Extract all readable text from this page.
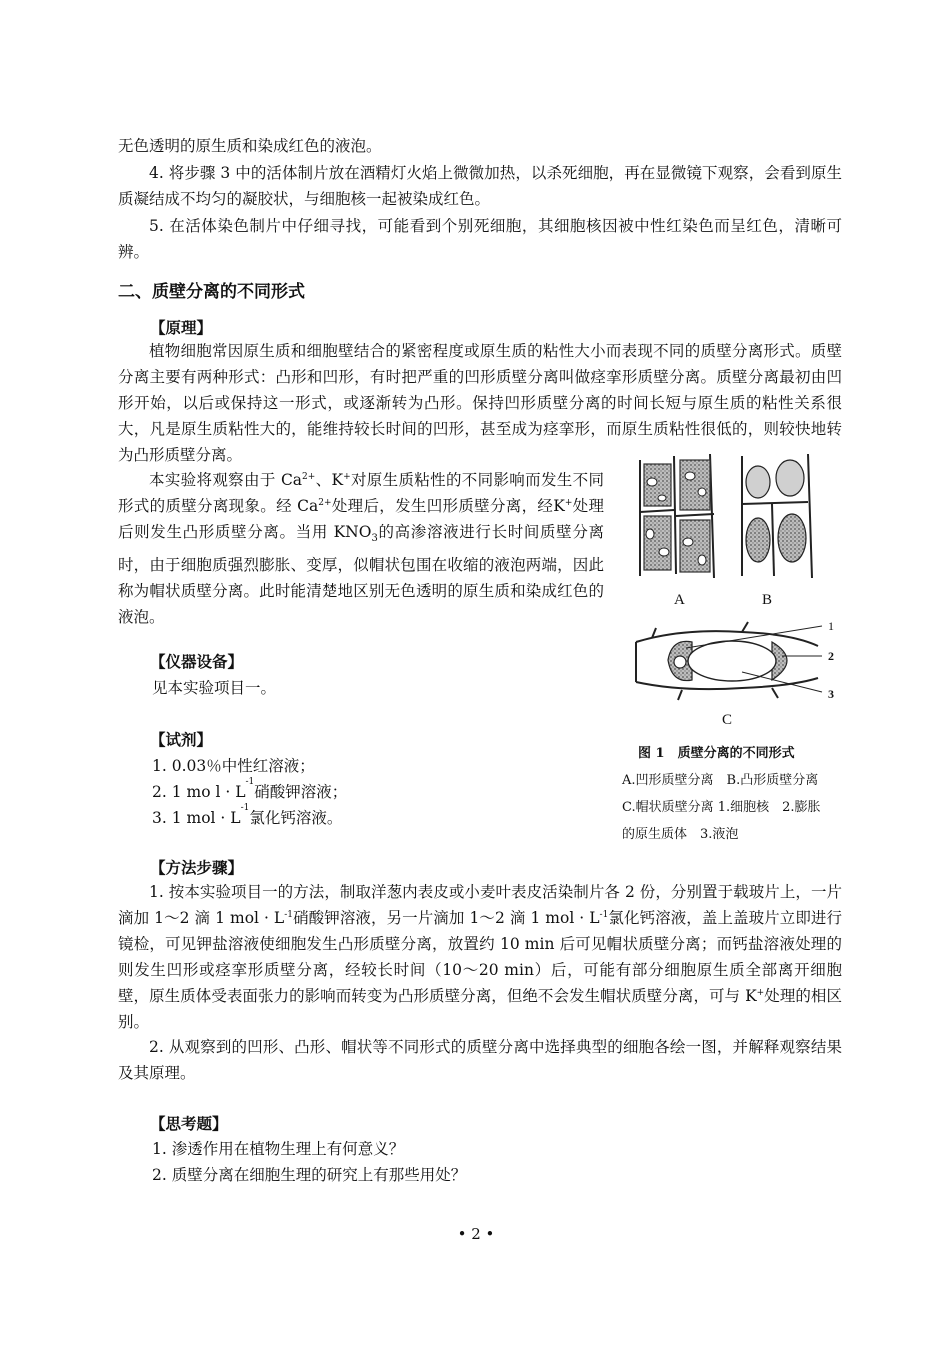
无色透明的原生质和染成红色的液泡。

4. 将步骤 3 中的活体制片放在酒精灯火焰上微微加热，以杀死细胞，再在显微镜下观察，会看到原生质凝结成不均匀的凝胶状，与细胞核一起被染成红色。

5. 在活体染色制片中仔细寻找，可能看到个别死细胞，其细胞核因被中性红染色而呈红色，清晰可辨。

二、质壁分离的不同形式

【原理】

植物细胞常因原生质和细胞壁结合的紧密程度或原生质的粘性大小而表现不同的质壁分离形式。质壁分离主要有两种形式：凸形和凹形，有时把严重的凹形质壁分离叫做痉挛形质壁分离。质壁分离最初由凹形开始，以后或保持这一形式，或逐渐转为凸形。保持凹形质壁分离的时间长短与原生质的粘性关系很大，凡是原生质粘性大的，能维持较长时间的凹形，甚至成为痉挛形，而原生质粘性很低的，则较快地转为凸形质壁分离。

本实验将观察由于 $Ca^{2+}$、K+对原生质粘性的不同影响而发生不同形式的质壁分离现象。经 $Ca^{2+}$处理后，发生凹形质壁分离，经K+处理后则发生凸形质壁分离。当用 $KNO_3$的高渗溶液进行长时间质壁分离时，由于细胞质强烈膨胀、变厚，似帽状包围在收缩的液泡两端，因此称为帽状质壁分离。此时能清楚地区别无色透明的原生质和染成红色的液泡。

A	B
1
2
3
C
图 1　质壁分离的不同形式
A.凹形质壁分离　B.凸形质壁分离
C.帽状质壁分离 1.细胞核　2.膨胀
的原生质体　3.液泡

【仪器设备】

见本实验项目一。

【试剂】

1. 0.03％中性红溶液；

2. 1 mo $l \cdot L^{-1}$硝酸钾溶液；

3. 1 mol · $L^{-1}$氯化钙溶液。

【方法步骤】

1. 按本实验项目一的方法，制取洋葱内表皮或小麦叶表皮活染制片各 2 份，分别置于载玻片上，一片滴加 1～2 滴 1 mol · $L^{-1}$硝酸钾溶液，另一片滴加 1～2 滴 1 mol · $L^{-1}$氯化钙溶液，盖上盖玻片立即进行镜检，可见钾盐溶液使细胞发生凸形质壁分离，放置约 10 min 后可见帽状质壁分离；而钙盐溶液处理的则发生凹形或痉挛形质壁分离，经较长时间（10～20 min）后，可能有部分细胞原生质全部离开细胞壁，原生质体受表面张力的影响而转变为凸形质壁分离，但绝不会发生帽状质壁分离，可与 K+处理的相区别。

2. 从观察到的凹形、凸形、帽状等不同形式的质壁分离中选择典型的细胞各绘一图，并解释观察结果及其原理。

【思考题】

1. 渗透作用在植物生理上有何意义？

2. 质壁分离在细胞生理的研究上有那些用处？

• 2 •
